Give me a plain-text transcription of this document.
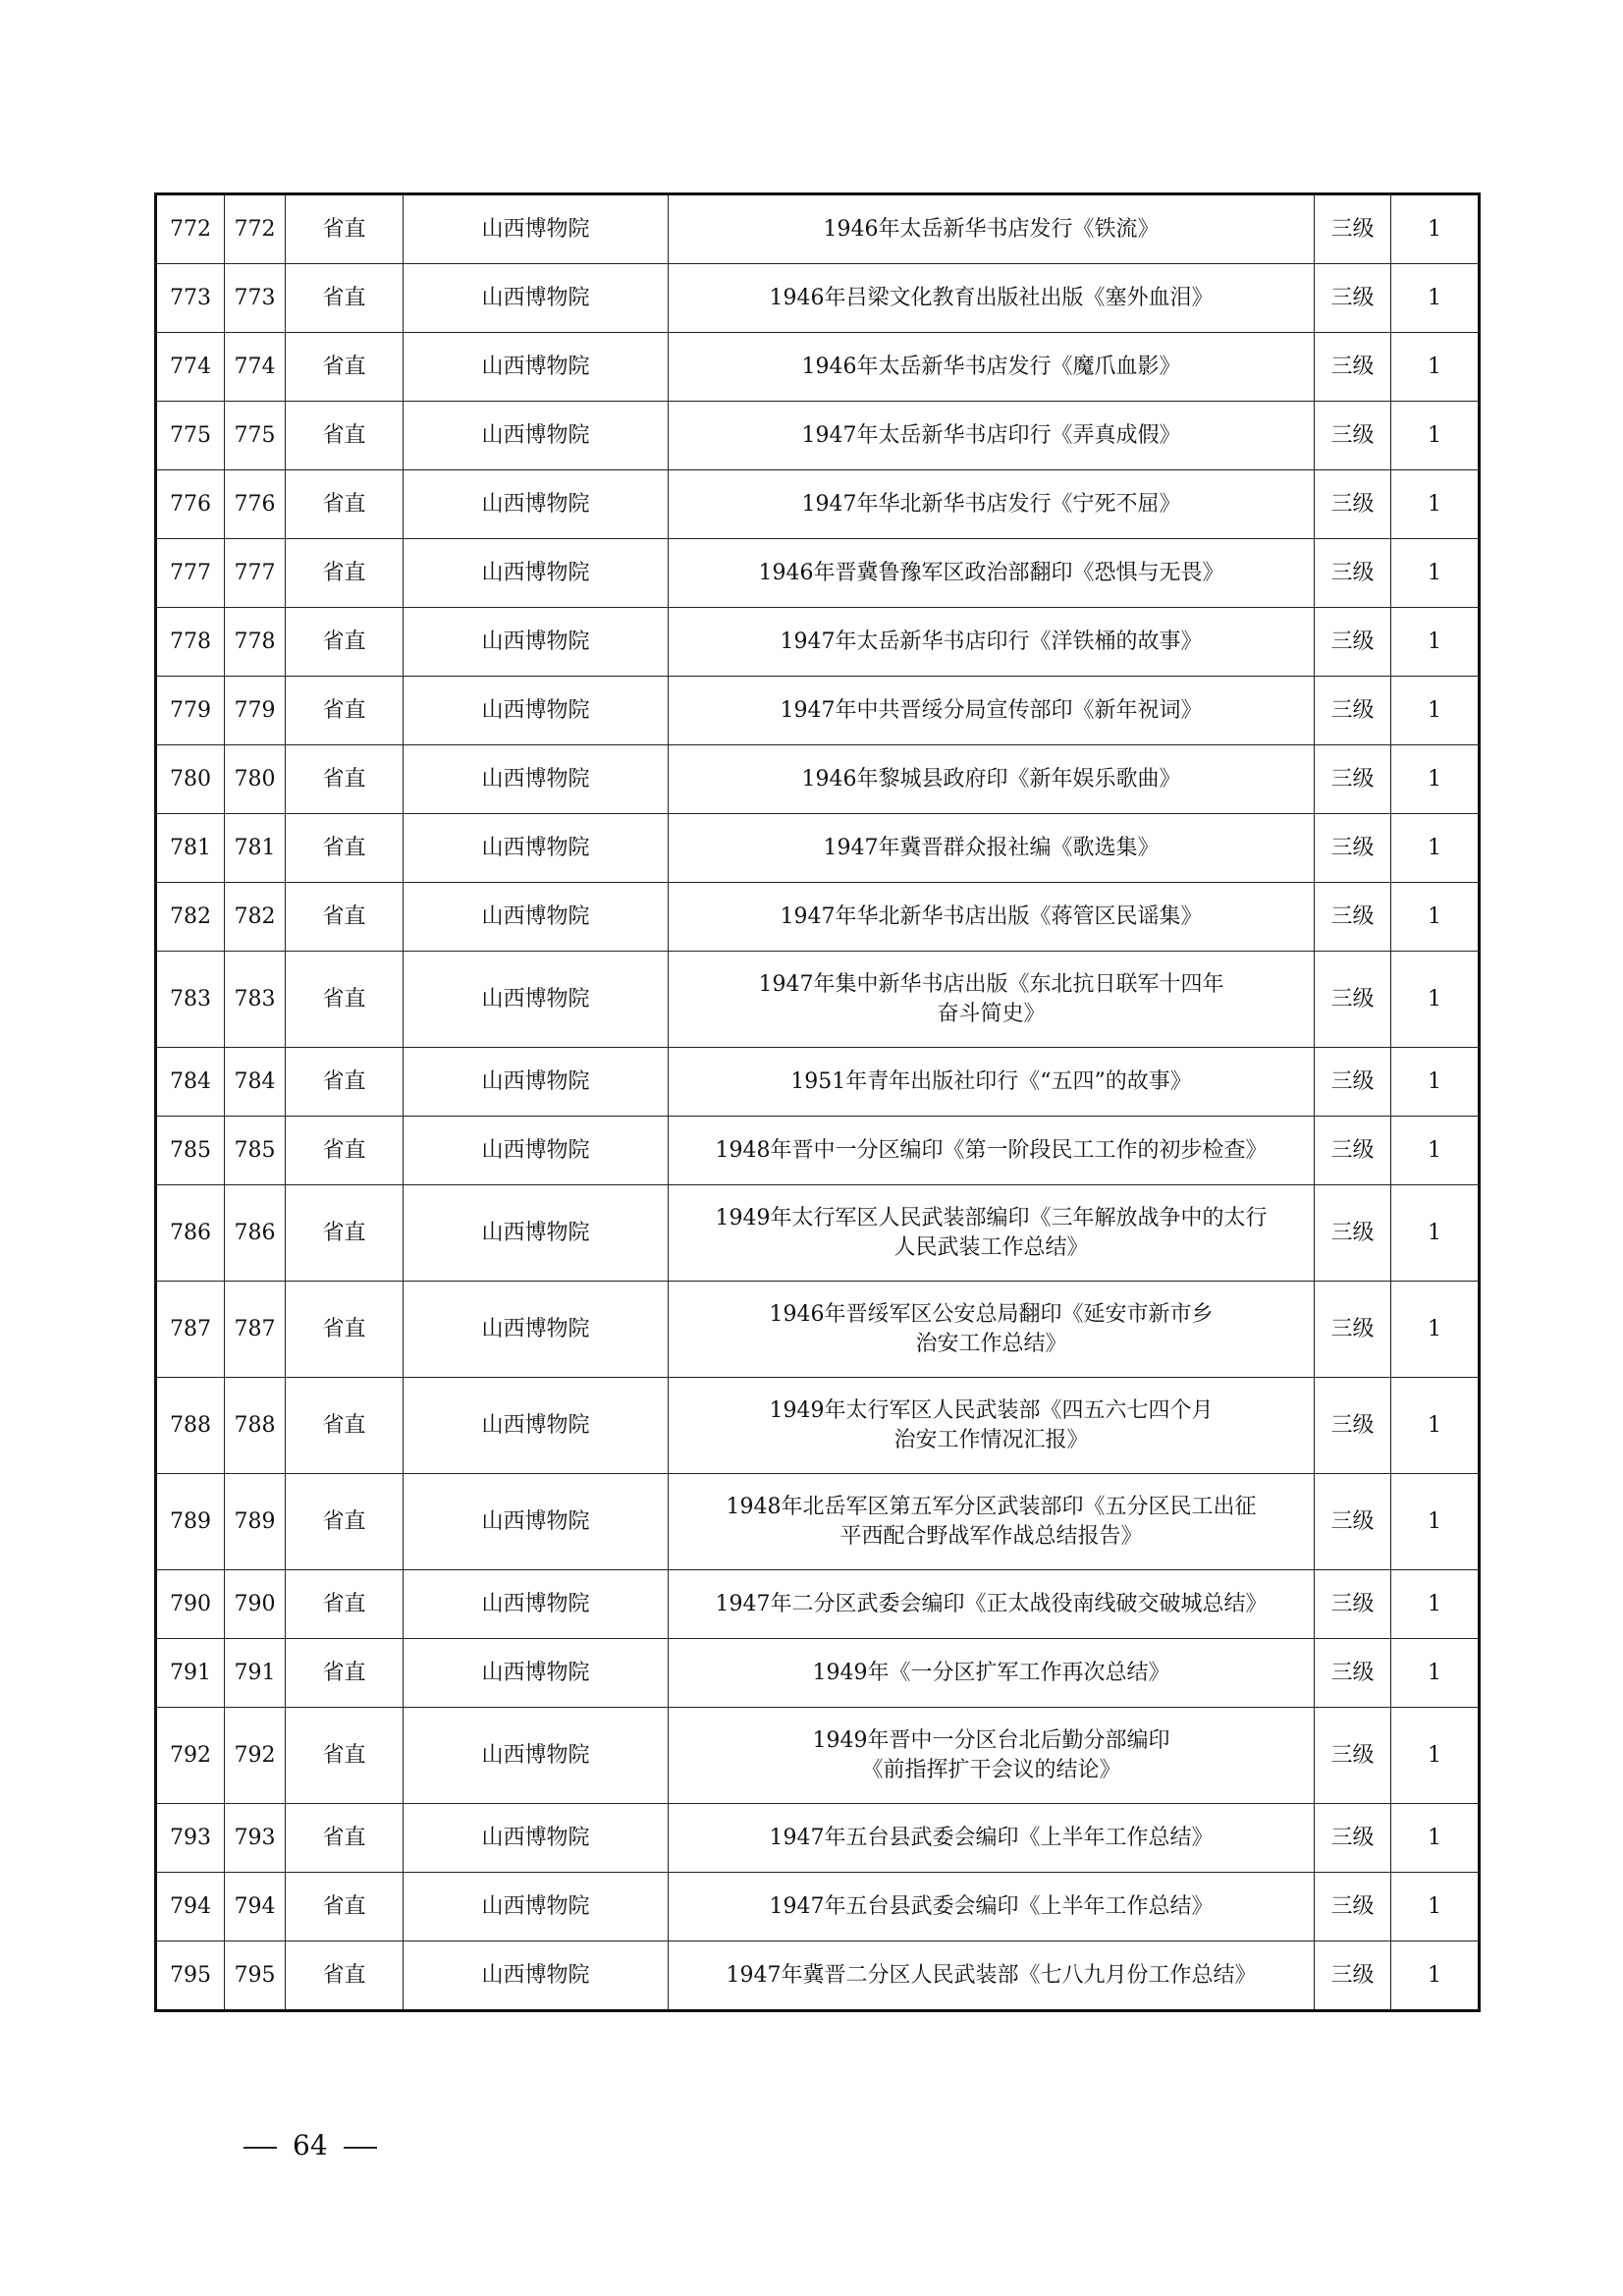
772	772	省直	山西博物院	1946年太岳新华书店发行《铁流》	三级	1
773	773	省直	山西博物院	1946年吕梁文化教育出版社出版《塞外血泪》	三级	1
774	774	省直	山西博物院	1946年太岳新华书店发行《魔爪血影》	三级	1
775	775	省直	山西博物院	1947年太岳新华书店印行《弄真成假》	三级	1
776	776	省直	山西博物院	1947年华北新华书店发行《宁死不屈》	三级	1
777	777	省直	山西博物院	1946年晋冀鲁豫军区政治部翻印《恐惧与无畏》	三级	1
778	778	省直	山西博物院	1947年太岳新华书店印行《洋铁桶的故事》	三级	1
779	779	省直	山西博物院	1947年中共晋绥分局宣传部印《新年祝词》	三级	1
780	780	省直	山西博物院	1946年黎城县政府印《新年娱乐歌曲》	三级	1
781	781	省直	山西博物院	1947年冀晋群众报社编《歌选集》	三级	1
782	782	省直	山西博物院	1947年华北新华书店出版《蒋管区民谣集》	三级	1
783	783	省直	山西博物院	1947年集中新华书店出版《东北抗日联军十四年
奋斗简史》	三级	1
784	784	省直	山西博物院	1951年青年出版社印行《“五四”的故事》	三级	1
785	785	省直	山西博物院	1948年晋中一分区编印《第一阶段民工工作的初步检查》	三级	1
786	786	省直	山西博物院	1949年太行军区人民武装部编印《三年解放战争中的太行
人民武装工作总结》	三级	1
787	787	省直	山西博物院	1946年晋绥军区公安总局翻印《延安市新市乡
治安工作总结》	三级	1
788	788	省直	山西博物院	1949年太行军区人民武装部《四五六七四个月
治安工作情况汇报》	三级	1
789	789	省直	山西博物院	1948年北岳军区第五军分区武装部印《五分区民工出征
平西配合野战军作战总结报告》	三级	1
790	790	省直	山西博物院	1947年二分区武委会编印《正太战役南线破交破城总结》	三级	1
791	791	省直	山西博物院	1949年《一分区扩军工作再次总结》	三级	1
792	792	省直	山西博物院	1949年晋中一分区台北后勤分部编印
《前指挥扩干会议的结论》	三级	1
793	793	省直	山西博物院	1947年五台县武委会编印《上半年工作总结》	三级	1
794	794	省直	山西博物院	1947年五台县武委会编印《上半年工作总结》	三级	1
795	795	省直	山西博物院	1947年冀晋二分区人民武装部《七八九月份工作总结》	三级	1
64
